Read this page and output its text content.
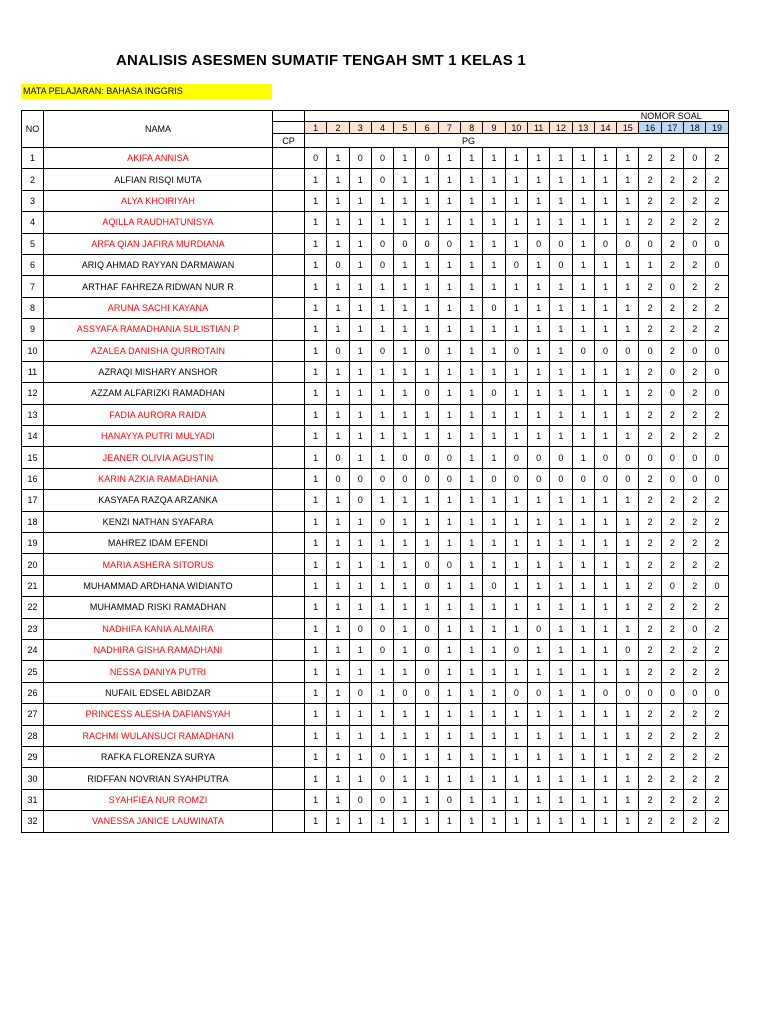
ANALISIS ASESMEN SUMATIF TENGAH SMT 1 KELAS 1
MATA PELAJARAN: BAHASA INGGRIS
NO	NAMA		NOMOR SOAL																		
			1	2	3	4	5	6	7	8	9	10	11	12	13	14	15	16	17	18	19
		CP	PG																		
1	AKIFA ANNISA		0	1	0	0	1	0	1	1	1	1	1	1	1	1	1	2	2	0	2
2	ALFIAN RISQI MUTA		1	1	1	0	1	1	1	1	1	1	1	1	1	1	1	2	2	2	2
3	ALYA KHOIRIYAH		1	1	1	1	1	1	1	1	1	1	1	1	1	1	1	2	2	2	2
4	AQILLA RAUDHATUNISYA		1	1	1	1	1	1	1	1	1	1	1	1	1	1	1	2	2	2	2
5	ARFA QIAN JAFIRA MURDIANA		1	1	1	0	0	0	0	1	1	1	0	0	1	0	0	0	2	0	0
6	ARIQ AHMAD RAYYAN DARMAWAN		1	0	1	0	1	1	1	1	1	0	1	0	1	1	1	1	2	2	0
7	ARTHAF FAHREZA RIDWAN NUR R		1	1	1	1	1	1	1	1	1	1	1	1	1	1	1	2	0	2	2
8	ARUNA SACHI KAYANA		1	1	1	1	1	1	1	1	0	1	1	1	1	1	1	2	2	2	2
9	ASSYAFA RAMADHANIA SULISTIAN P		1	1	1	1	1	1	1	1	1	1	1	1	1	1	1	2	2	2	2
10	AZALEA DANISHA QURROTAIN		1	0	1	0	1	0	1	1	1	0	1	1	0	0	0	0	2	0	0
11	AZRAQI MISHARY ANSHOR		1	1	1	1	1	1	1	1	1	1	1	1	1	1	1	2	0	2	0
12	AZZAM ALFARIZKI RAMADHAN		1	1	1	1	1	0	1	1	0	1	1	1	1	1	1	2	0	2	0
13	FADIA AURORA RAIDA		1	1	1	1	1	1	1	1	1	1	1	1	1	1	1	2	2	2	2
14	HANAYYA PUTRI MULYADI		1	1	1	1	1	1	1	1	1	1	1	1	1	1	1	2	2	2	2
15	JEANER OLIVIA AGUSTIN		1	0	1	1	0	0	0	1	1	0	0	0	1	0	0	0	0	0	0
16	KARIN AZKIA RAMADHANIA		1	0	0	0	0	0	0	1	0	0	0	0	0	0	0	2	0	0	0
17	KASYAFA RAZQA ARZANKA		1	1	0	1	1	1	1	1	1	1	1	1	1	1	1	2	2	2	2
18	KENZI NATHAN SYAFARA		1	1	1	0	1	1	1	1	1	1	1	1	1	1	1	2	2	2	2
19	MAHREZ IDAM EFENDI		1	1	1	1	1	1	1	1	1	1	1	1	1	1	1	2	2	2	2
20	MARIA ASHERA SITORUS		1	1	1	1	1	0	0	1	1	1	1	1	1	1	1	2	2	2	2
21	MUHAMMAD ARDHANA WIDIANTO		1	1	1	1	1	0	1	1	0	1	1	1	1	1	1	2	0	2	0
22	MUHAMMAD RISKI RAMADHAN		1	1	1	1	1	1	1	1	1	1	1	1	1	1	1	2	2	2	2
23	NADHIFA KANIA ALMAIRA		1	1	0	0	1	0	1	1	1	1	0	1	1	1	1	2	2	0	2
24	NADHIRA GISHA RAMADHANI		1	1	1	0	1	0	1	1	1	0	1	1	1	1	0	2	2	2	2
25	NESSA DANIYA PUTRI		1	1	1	1	1	0	1	1	1	1	1	1	1	1	1	2	2	2	2
26	NUFAIL EDSEL ABIDZAR		1	1	0	1	0	0	1	1	1	0	0	1	1	0	0	0	0	0	0
27	PRINCESS ALESHA DAFIANSYAH		1	1	1	1	1	1	1	1	1	1	1	1	1	1	1	2	2	2	2
28	RACHMI WULANSUCI RAMADHANI		1	1	1	1	1	1	1	1	1	1	1	1	1	1	1	2	2	2	2
29	RAFKA FLORENZA SURYA		1	1	1	0	1	1	1	1	1	1	1	1	1	1	1	2	2	2	2
30	RIDFFAN NOVRIAN SYAHPUTRA		1	1	1	0	1	1	1	1	1	1	1	1	1	1	1	2	2	2	2
31	SYAHFIEA NUR ROMZI		1	1	0	0	1	1	0	1	1	1	1	1	1	1	1	2	2	2	2
32	VANESSA JANICE LAUWINATA		1	1	1	1	1	1	1	1	1	1	1	1	1	1	1	2	2	2	2
